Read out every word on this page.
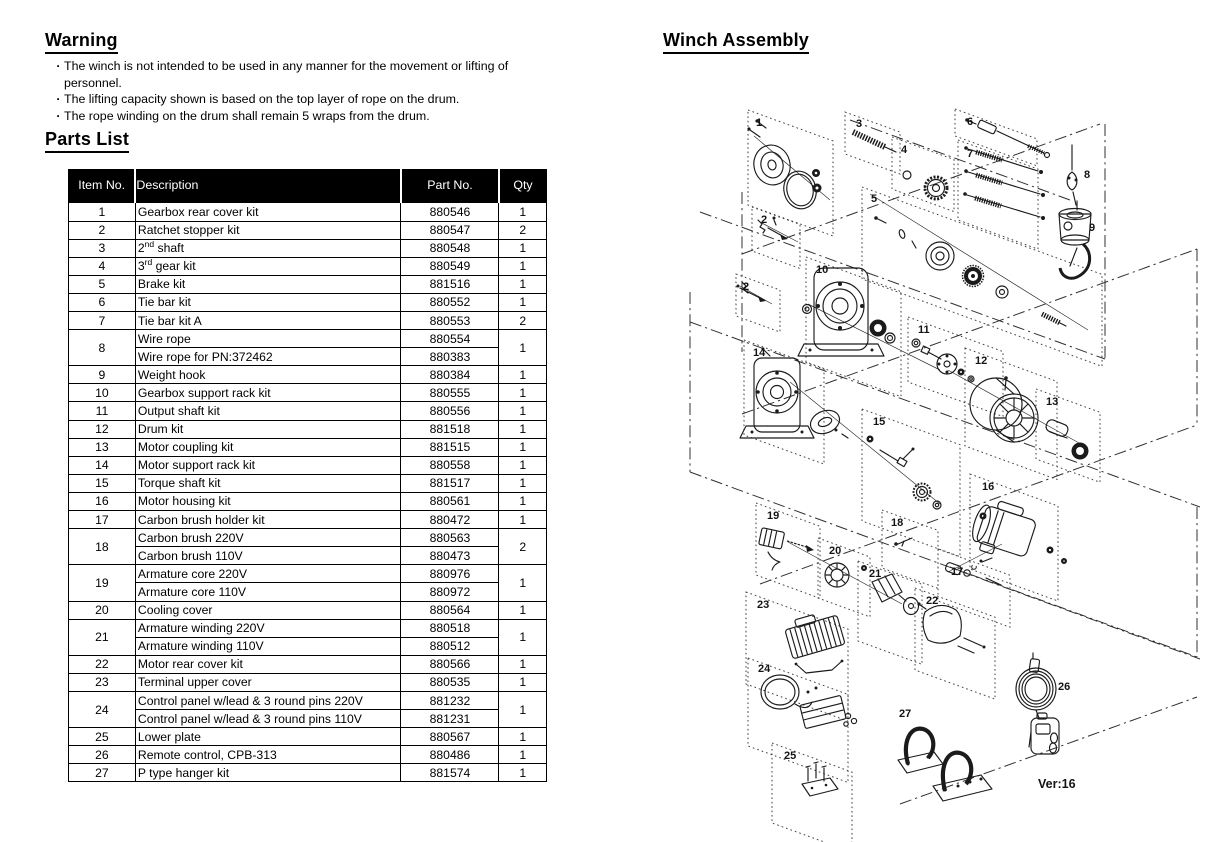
Warning
· The winch is not intended to be used in any manner for the movement or lifting of personnel.
· The lifting capacity shown is based on the top layer of rope on the drum.
· The rope winding on the drum shall remain 5 wraps from the drum.
Parts List
Item No.	Description	Part No.	Qty
1	Gearbox rear cover kit	880546	1
2	Ratchet stopper kit	880547	2
3	2nd shaft	880548	1
4	3rd gear kit	880549	1
5	Brake kit	881516	1
6	Tie bar kit	880552	1
7	Tie bar kit A	880553	2
8	Wire rope	880554	1
	Wire rope for PN:372462	880383	
9	Weight hook	880384	1
10	Gearbox support rack kit	880555	1
11	Output shaft kit	880556	1
12	Drum kit	881518	1
13	Motor coupling kit	881515	1
14	Motor support rack kit	880558	1
15	Torque shaft kit	881517	1
16	Motor housing kit	880561	1
17	Carbon brush holder kit	880472	1
18	Carbon brush 220V	880563	2
	Carbon brush 110V	880473	
19	Armature core 220V	880976	1
	Armature core 110V	880972	
20	Cooling cover	880564	1
21	Armature winding 220V	880518	1
	Armature winding 110V	880512	
22	Motor rear cover kit	880566	1
23	Terminal upper cover	880535	1
24	Control panel w/lead & 3 round pins 220V	881232	1
	Control panel w/lead & 3 round pins 110V	881231	
25	Lower plate	880567	1
26	Remote control, CPB-313	880486	1
27	P type hanger kit	881574	1
Winch Assembly
1
2
2
3
4
5
6
7
8
9
10
11
12
13
14
15
16
17
18
19
20
21
22
23
24
25
26
27
Ver:16
